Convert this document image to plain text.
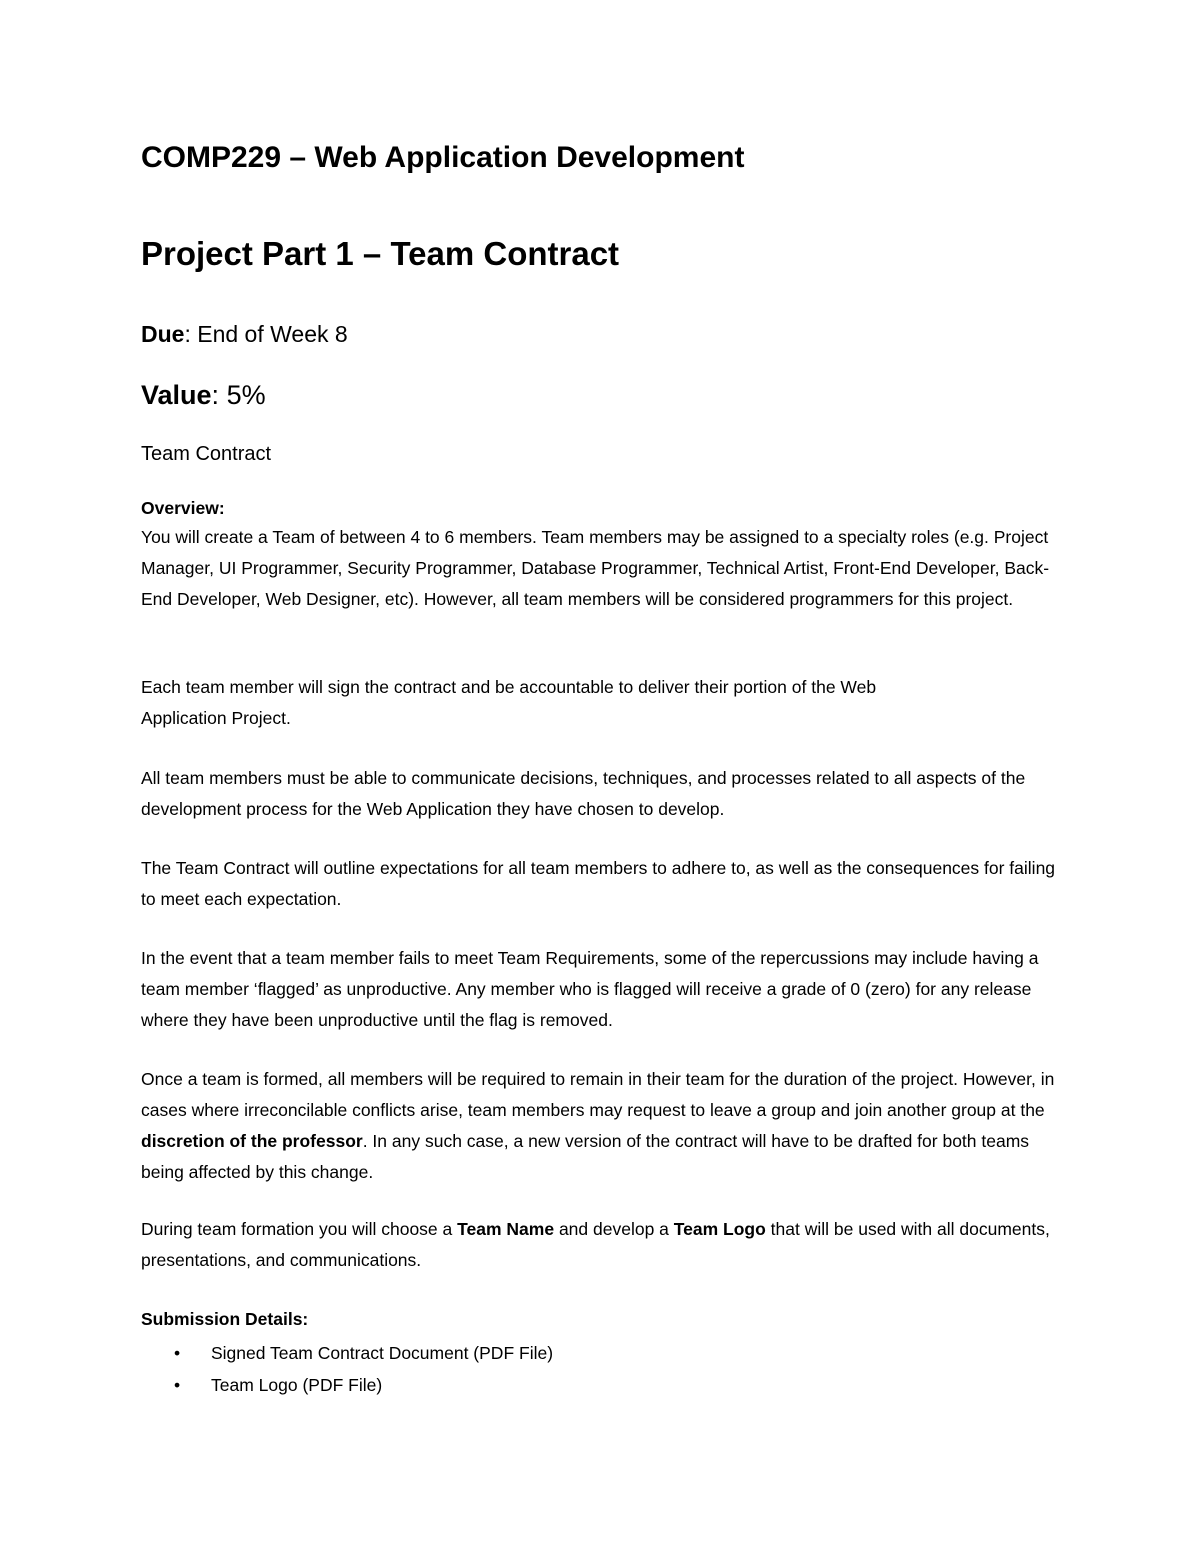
COMP229 – Web Application Development
Project Part 1 – Team Contract

Due: End of Week 8

Value: 5%

Team Contract

Overview:

You will create a Team of between 4 to 6 members. Team members may be assigned to a specialty roles (e.g. Project Manager, UI Programmer, Security Programmer, Database Programmer, Technical Artist, Front-End Developer, Back-End Developer, Web Designer, etc). However, all team members will be considered programmers for this project.

Each team member will sign the contract and be accountable to deliver their portion of the Web Application Project.

All team members must be able to communicate decisions, techniques, and processes related to all aspects of the development process for the Web Application they have chosen to develop.

The Team Contract will outline expectations for all team members to adhere to, as well as the consequences for failing to meet each expectation.

In the event that a team member fails to meet Team Requirements, some of the repercussions may include having a team member ‘flagged’ as unproductive. Any member who is flagged will receive a grade of 0 (zero) for any release where they have been unproductive until the flag is removed.

Once a team is formed, all members will be required to remain in their team for the duration of the project. However, in cases where irreconcilable conflicts arise, team members may request to leave a group and join another group at the discretion of the professor. In any such case, a new version of the contract will have to be drafted for both teams being affected by this change.

During team formation you will choose a Team Name and develop a Team Logo that will be used with all documents, presentations, and communications.

Submission Details:

• Signed Team Contract Document (PDF File)
• Team Logo (PDF File)
